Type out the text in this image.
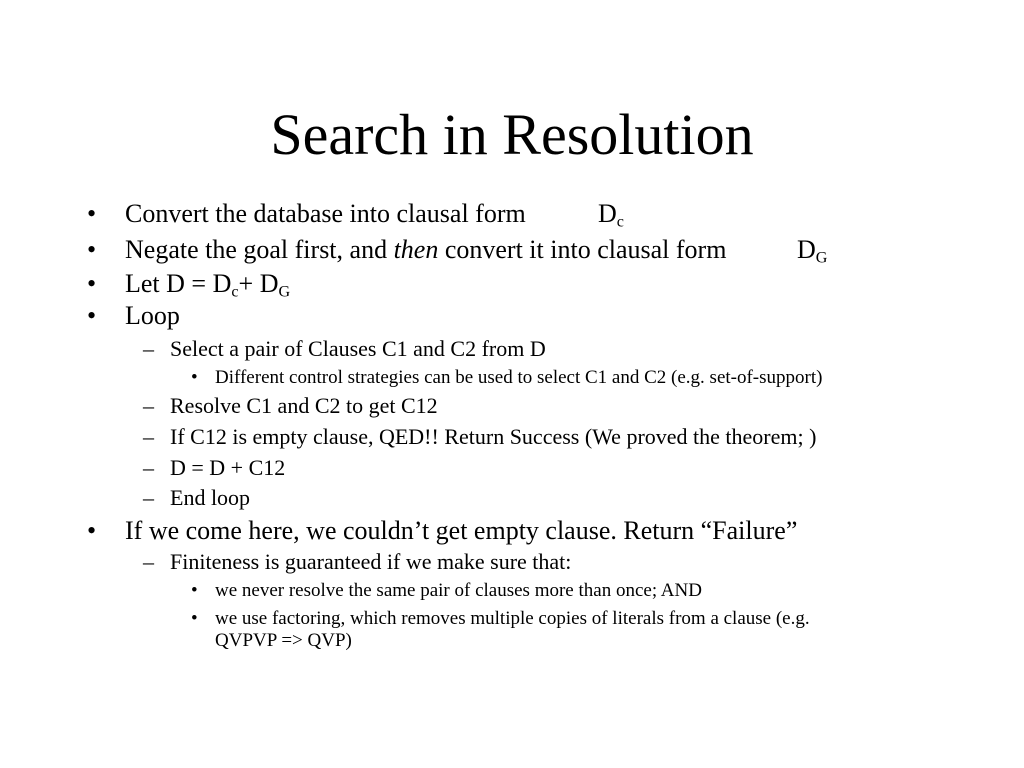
Search in Resolution
• Convert the database into clausal form	$D_c$
• Negate the goal first, and then convert it into clausal form	$D_G$
• Let $D = D_c+ D_G$
• Loop
– Select a pair of Clauses C1 and C2 from D
• Different control strategies can be used to select C1 and C2 (e.g. set-of-support)
– Resolve C1 and C2 to get C12
– If C12 is empty clause, QED!! Return Success (We proved the theorem; )
– D = D + C12
– End loop
• If we come here, we couldn’t get empty clause. Return “Failure”
– Finiteness is guaranteed if we make sure that:
• we never resolve the same pair of clauses more than once; AND
• we use factoring, which removes multiple copies of literals from a clause (e.g.
QVPVP => QVP)
